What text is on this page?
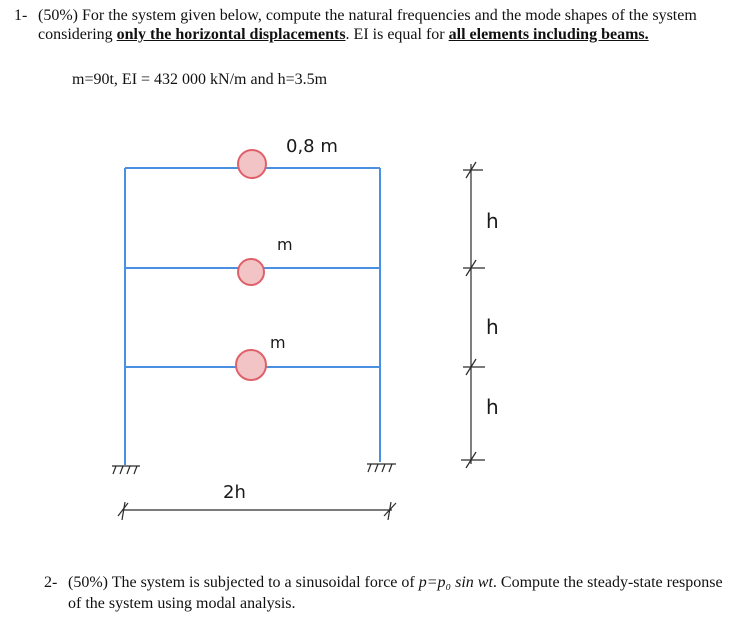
1- (50%) For the system given below, compute the natural frequencies and the mode shapes of the system considering only the horizontal displacements. EI is equal for all elements including beams.
m=90t, EI = 432 000 kN/m and h=3.5m
0,8 m
m
m
h
h
h
2h
2- (50%) The system is subjected to a sinusoidal force of p=p₀ sin wt. Compute the steady-state response of the system using modal analysis.
